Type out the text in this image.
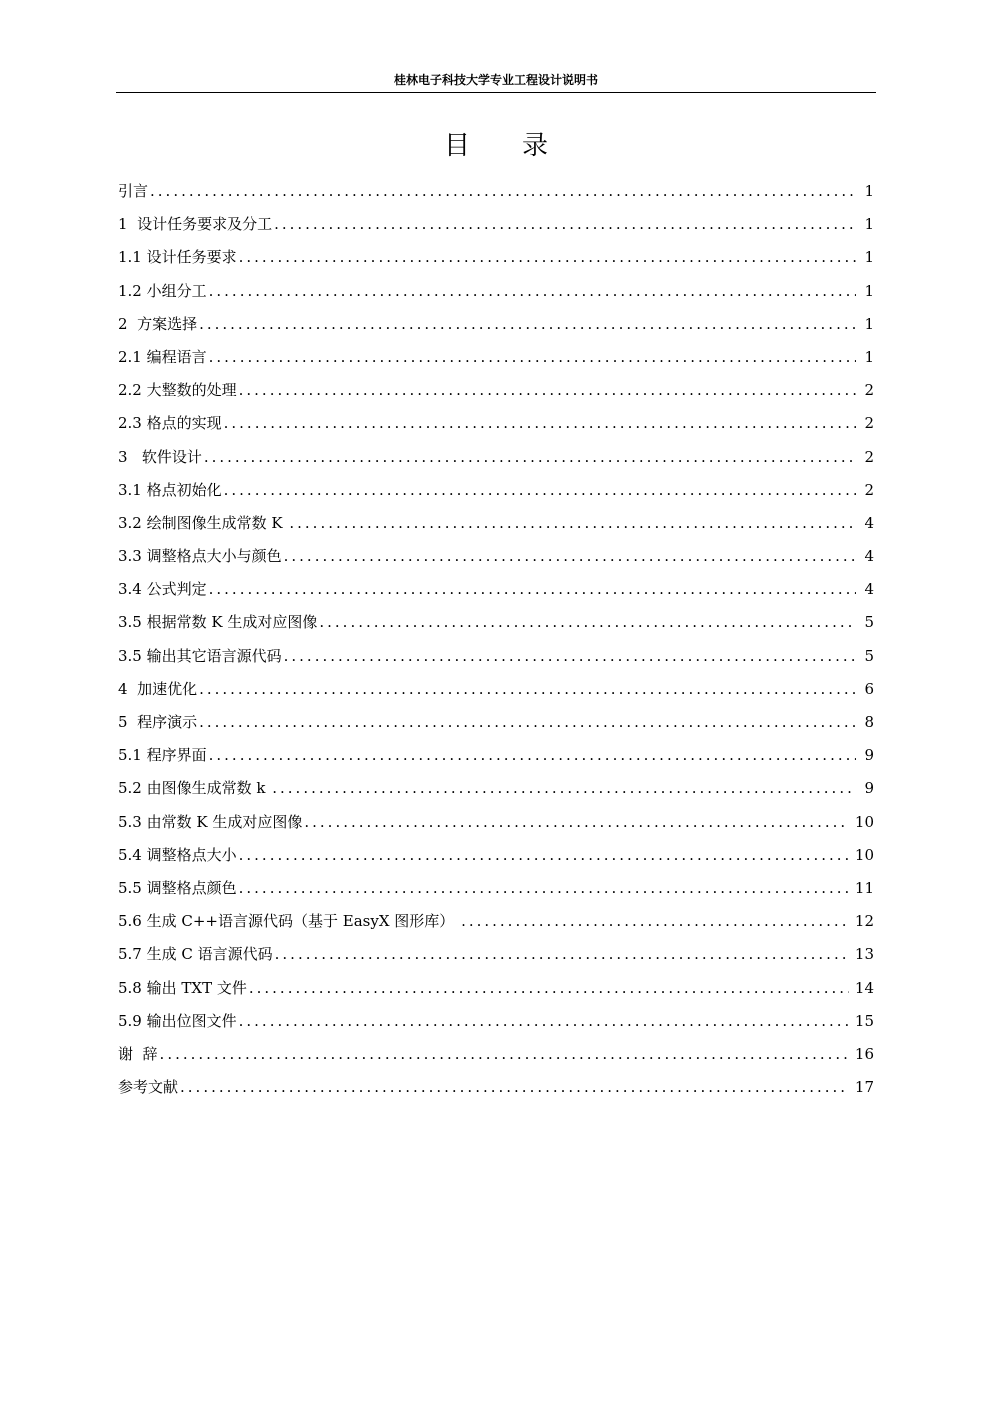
桂林电子科技大学专业工程设计说明书
目录
引言 .....	1
1  设计任务要求及分工 .....	1
1.1 设计任务要求 .....	1
1.2 小组分工 .....	1
2  方案选择 .....	1
2.1 编程语言 .....	1
2.2 大整数的处理 .....	2
2.3 格点的实现 .....	2
3   软件设计 .....	2
3.1 格点初始化 .....	2
3.2 绘制图像生成常数 K .....	4
3.3 调整格点大小与颜色 .....	4
3.4 公式判定 .....	4
3.5 根据常数 K 生成对应图像 .....	5
3.5 输出其它语言源代码 .....	5
4  加速优化 .....	6
5  程序演示 .....	8
5.1 程序界面 .....	9
5.2 由图像生成常数 k .....	9
5.3 由常数 K 生成对应图像 .....	10
5.4 调整格点大小 .....	10
5.5 调整格点颜色 .....	11
5.6 生成 C++语言源代码（基于 EasyX 图形库） .....	12
5.7 生成 C 语言源代码 .....	13
5.8 输出 TXT 文件 .....	14
5.9 输出位图文件 .....	15
谢  辞 .....	16
参考文献 .....	17
